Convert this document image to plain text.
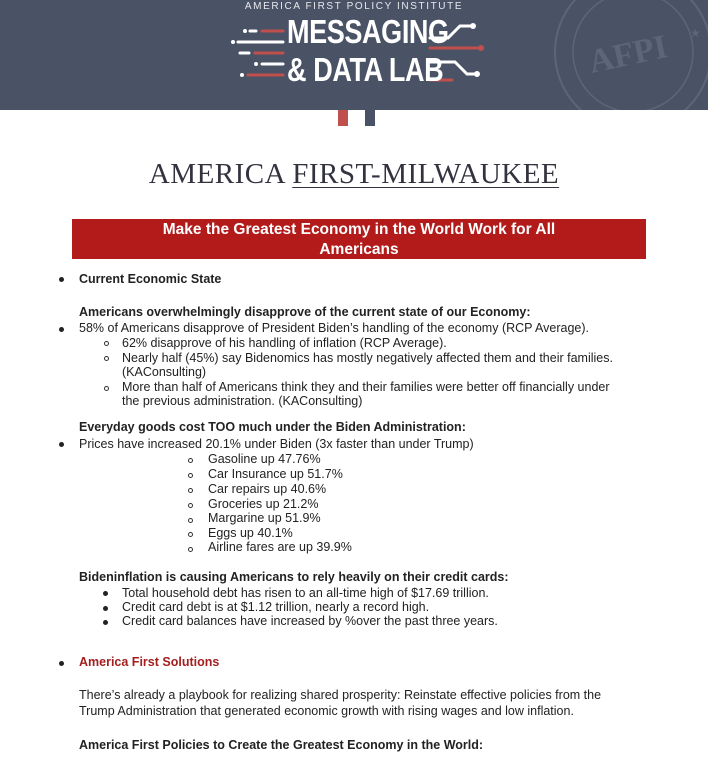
AMERICA FIRST POLICY INSTITUTE
MESSAGING
& DATA LAB	AFPI ★
AMERICA FIRST-MILWAUKEE
Make the Greatest Economy in the World Work for All
Americans
Current Economic State
Americans overwhelmingly disapprove of the current state of our Economy:
58% of Americans disapprove of President Biden’s handling of the economy (RCP Average).
62% disapprove of his handling of inflation (RCP Average).
Nearly half (45%) say Bidenomics has mostly negatively affected them and their families.
(KAConsulting)
More than half of Americans think they and their families were better off financially under
the previous administration. (KAConsulting)
Everyday goods cost TOO much under the Biden Administration:
Prices have increased 20.1% under Biden (3x faster than under Trump)
Gasoline up 47.76%
Car Insurance up 51.7%
Car repairs up 40.6%
Groceries up 21.2%
Margarine up 51.9%
Eggs up 40.1%
Airline fares are up 39.9%
Bideninflation is causing Americans to rely heavily on their credit cards:
Total household debt has risen to an all-time high of $17.69 trillion.
Credit card debt is at $1.12 trillion, nearly a record high.
Credit card balances have increased by %over the past three years.
America First Solutions
There’s already a playbook for realizing shared prosperity: Reinstate effective policies from the
Trump Administration that generated economic growth with rising wages and low inflation.
America First Policies to Create the Greatest Economy in the World:
